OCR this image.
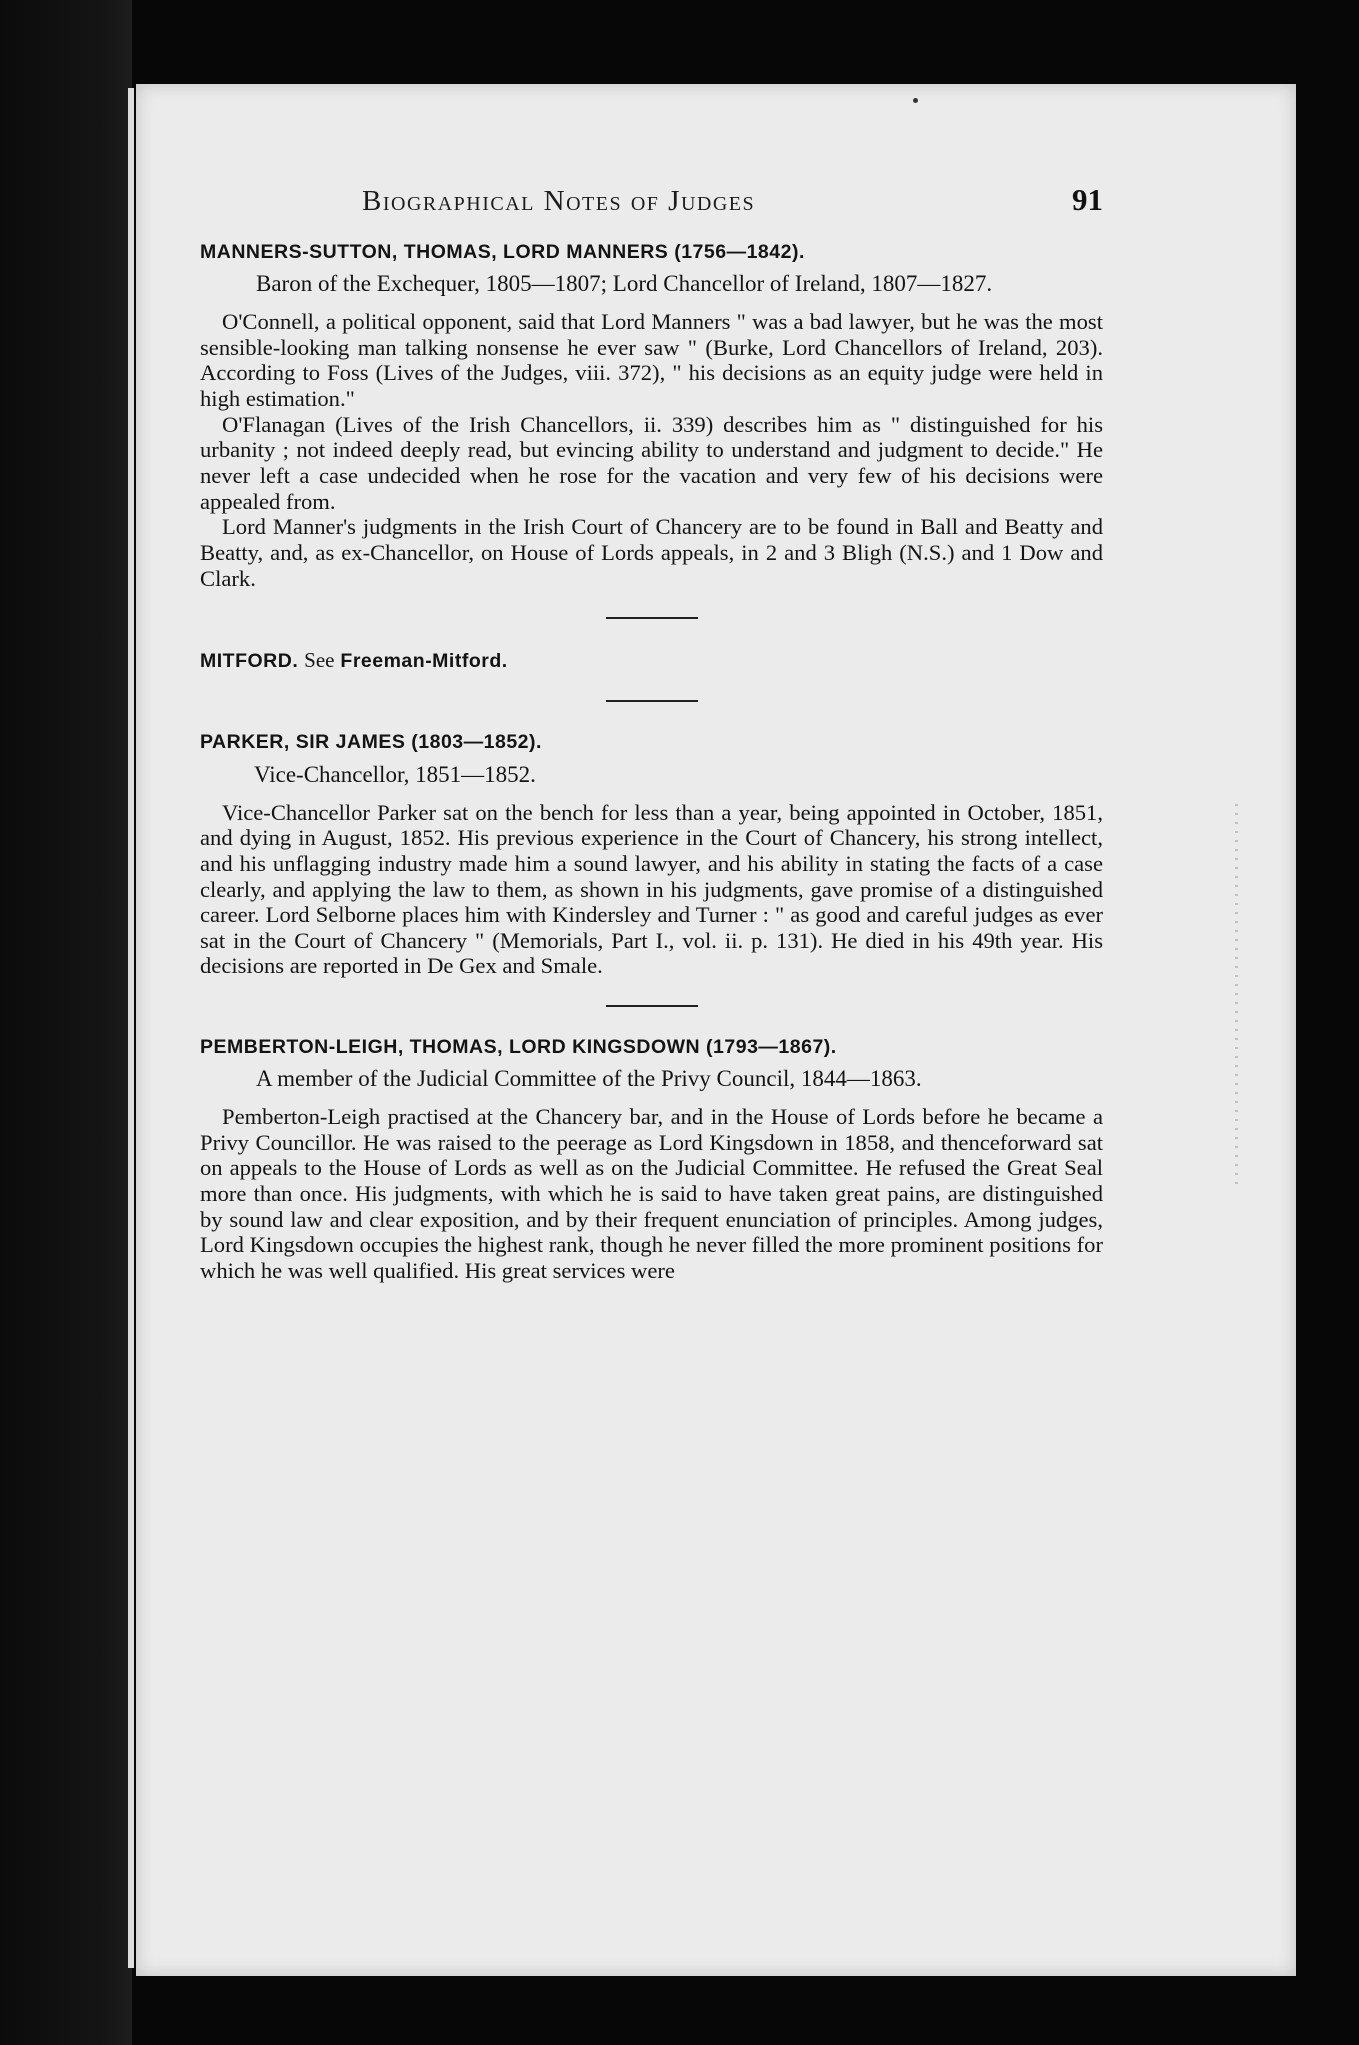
Biographical Notes of Judges	91
MANNERS-SUTTON, THOMAS, LORD MANNERS (1756—1842).
Baron of the Exchequer, 1805—1807; Lord Chancellor of Ireland, 1807—1827.

O'Connell, a political opponent, said that Lord Manners " was a bad lawyer, but he was the most sensible-looking man talking nonsense he ever saw " (Burke, Lord Chancellors of Ireland, 203). According to Foss (Lives of the Judges, viii. 372), " his decisions as an equity judge were held in high estimation."

O'Flanagan (Lives of the Irish Chancellors, ii. 339) describes him as " distinguished for his urbanity ; not indeed deeply read, but evincing ability to understand and judgment to decide." He never left a case undecided when he rose for the vacation and very few of his decisions were appealed from.

Lord Manner's judgments in the Irish Court of Chancery are to be found in Ball and Beatty and Beatty, and, as ex-Chancellor, on House of Lords appeals, in 2 and 3 Bligh (N.S.) and 1 Dow and Clark.

MITFORD. See Freeman-Mitford.
PARKER, SIR JAMES (1803—1852).
Vice-Chancellor, 1851—1852.

Vice-Chancellor Parker sat on the bench for less than a year, being appointed in October, 1851, and dying in August, 1852. His previous experience in the Court of Chancery, his strong intellect, and his unflagging industry made him a sound lawyer, and his ability in stating the facts of a case clearly, and applying the law to them, as shown in his judgments, gave promise of a distinguished career. Lord Selborne places him with Kindersley and Turner : " as good and careful judges as ever sat in the Court of Chancery " (Memorials, Part I., vol. ii. p. 131). He died in his 49th year. His decisions are reported in De Gex and Smale.

PEMBERTON-LEIGH, THOMAS, LORD KINGSDOWN (1793—1867).
A member of the Judicial Committee of the Privy Council, 1844—1863.

Pemberton-Leigh practised at the Chancery bar, and in the House of Lords before he became a Privy Councillor. He was raised to the peerage as Lord Kingsdown in 1858, and thenceforward sat on appeals to the House of Lords as well as on the Judicial Committee. He refused the Great Seal more than once. His judgments, with which he is said to have taken great pains, are distinguished by sound law and clear exposition, and by their frequent enunciation of principles. Among judges, Lord Kingsdown occupies the highest rank, though he never filled the more prominent positions for which he was well qualified. His great services were
